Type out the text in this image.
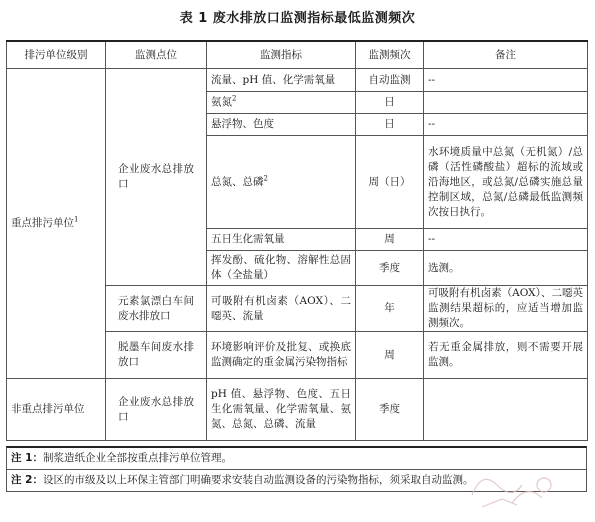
表 1 废水排放口监测指标最低监测频次
排污单位级别	监测点位	监测指标	监测频次	备注
重点排污单位$^1$	企业废水总排放口	流量、pH 值、化学需氧量	自动监测	--
		氨氮$^2$	日	
		悬浮物、色度	日	--
		总氮、总磷$^2$	周（日）	水环境质量中总氮（无机氮）/总磷（活性磷酸盐）超标的流域或沿海地区，或总氮/总磷实施总量控制区域，总氮/总磷最低监测频次按日执行。
		五日生化需氧量	周	--
		挥发酚、硫化物、溶解性总固体（全盐量）	季度	选测。
	元素氯漂白车间废水排放口	可吸附有机卤素（AOX）、二噁英、流量	年	可吸附有机卤素（AOX）、二噁英监测结果超标的，应适当增加监测频次。
	脱墨车间废水排放口	环境影响评价及批复、或换底监测确定的重金属污染物指标	周	若无重金属排放，则不需要开展监测。
非重点排污单位	企业废水总排放口	pH 值、悬浮物、色度、五日生化需氧量、化学需氧量、氨氮、总氮、总磷、流量	季度	
注 1：制浆造纸企业全部按重点排污单位管理。
注 2：设区的市级及以上环保主管部门明确要求安装自动监测设备的污染物指标，须采取自动监测。
